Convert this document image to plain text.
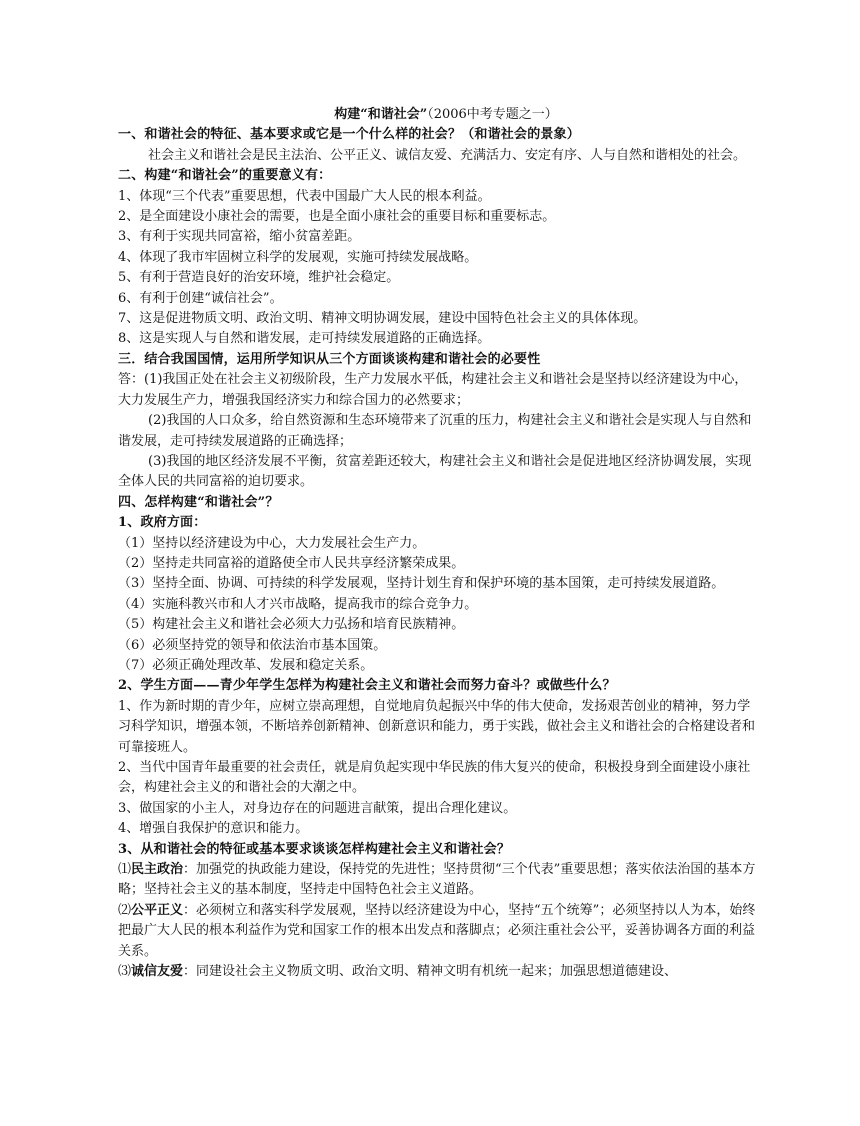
构建“和谐社会”（2006中考专题之一）
一、和谐社会的特征、基本要求或它是一个什么样的社会？（和谐社会的景象）

社会主义和谐社会是民主法治、公平正义、诚信友爱、充满活力、安定有序、人与自然和谐相处的社会。

二、构建“和谐社会”的重要意义有：

1、体现“三个代表”重要思想，代表中国最广大人民的根本利益。

2、是全面建设小康社会的需要，也是全面小康社会的重要目标和重要标志。

3、有利于实现共同富裕，缩小贫富差距。

4、体现了我市牢固树立科学的发展观，实施可持续发展战略。

5、有利于营造良好的治安环境，维护社会稳定。

6、有利于创建“诚信社会”。

7、这是促进物质文明、政治文明、精神文明协调发展，建设中国特色社会主义的具体体现。

8、这是实现人与自然和谐发展，走可持续发展道路的正确选择。

三．结合我国国情，运用所学知识从三个方面谈谈构建和谐社会的必要性

答：(1)我国正处在社会主义初级阶段，生产力发展水平低，构建社会主义和谐社会是坚持以经济建设为中心，大力发展生产力，增强我国经济实力和综合国力的必然要求；

(2)我国的人口众多，给自然资源和生态环境带来了沉重的压力，构建社会主义和谐社会是实现人与自然和谐发展，走可持续发展道路的正确选择；

(3)我国的地区经济发展不平衡，贫富差距还较大，构建社会主义和谐社会是促进地区经济协调发展，实现全体人民的共同富裕的迫切要求。

四、怎样构建“和谐社会”？
1、政府方面：

（1）坚持以经济建设为中心，大力发展社会生产力。

（2）坚持走共同富裕的道路使全市人民共享经济繁荣成果。

（3）坚持全面、协调、可持续的科学发展观，坚持计划生育和保护环境的基本国策，走可持续发展道路。

（4）实施科教兴市和人才兴市战略，提高我市的综合竞争力。

（5）构建社会主义和谐社会必须大力弘扬和培育民族精神。

（6）必须坚持党的领导和依法治市基本国策。

（7）必须正确处理改革、发展和稳定关系。

2、学生方面——青少年学生怎样为构建社会主义和谐社会而努力奋斗？或做些什么？

1、作为新时期的青少年，应树立崇高理想，自觉地肩负起振兴中华的伟大使命，发扬艰苦创业的精神，努力学习科学知识，增强本领，不断培养创新精神、创新意识和能力，勇于实践，做社会主义和谐社会的合格建设者和可靠接班人。

2、当代中国青年最重要的社会责任，就是肩负起实现中华民族的伟大复兴的使命，积极投身到全面建设小康社会，构建社会主义的和谐社会的大潮之中。

3、做国家的小主人，对身边存在的问题进言献策，提出合理化建议。

4、增强自我保护的意识和能力。

3、从和谐社会的特征或基本要求谈谈怎样构建社会主义和谐社会？

⑴民主政治：加强党的执政能力建设，保持党的先进性；坚持贯彻“三个代表”重要思想；落实依法治国的基本方略；坚持社会主义的基本制度，坚持走中国特色社会主义道路。

⑵公平正义：必须树立和落实科学发展观，坚持以经济建设为中心，坚持“五个统筹”；必须坚持以人为本，始终把最广大人民的根本利益作为党和国家工作的根本出发点和落脚点；必须注重社会公平，妥善协调各方面的利益关系。

⑶诚信友爱：同建设社会主义物质文明、政治文明、精神文明有机统一起来；加强思想道德建设、
